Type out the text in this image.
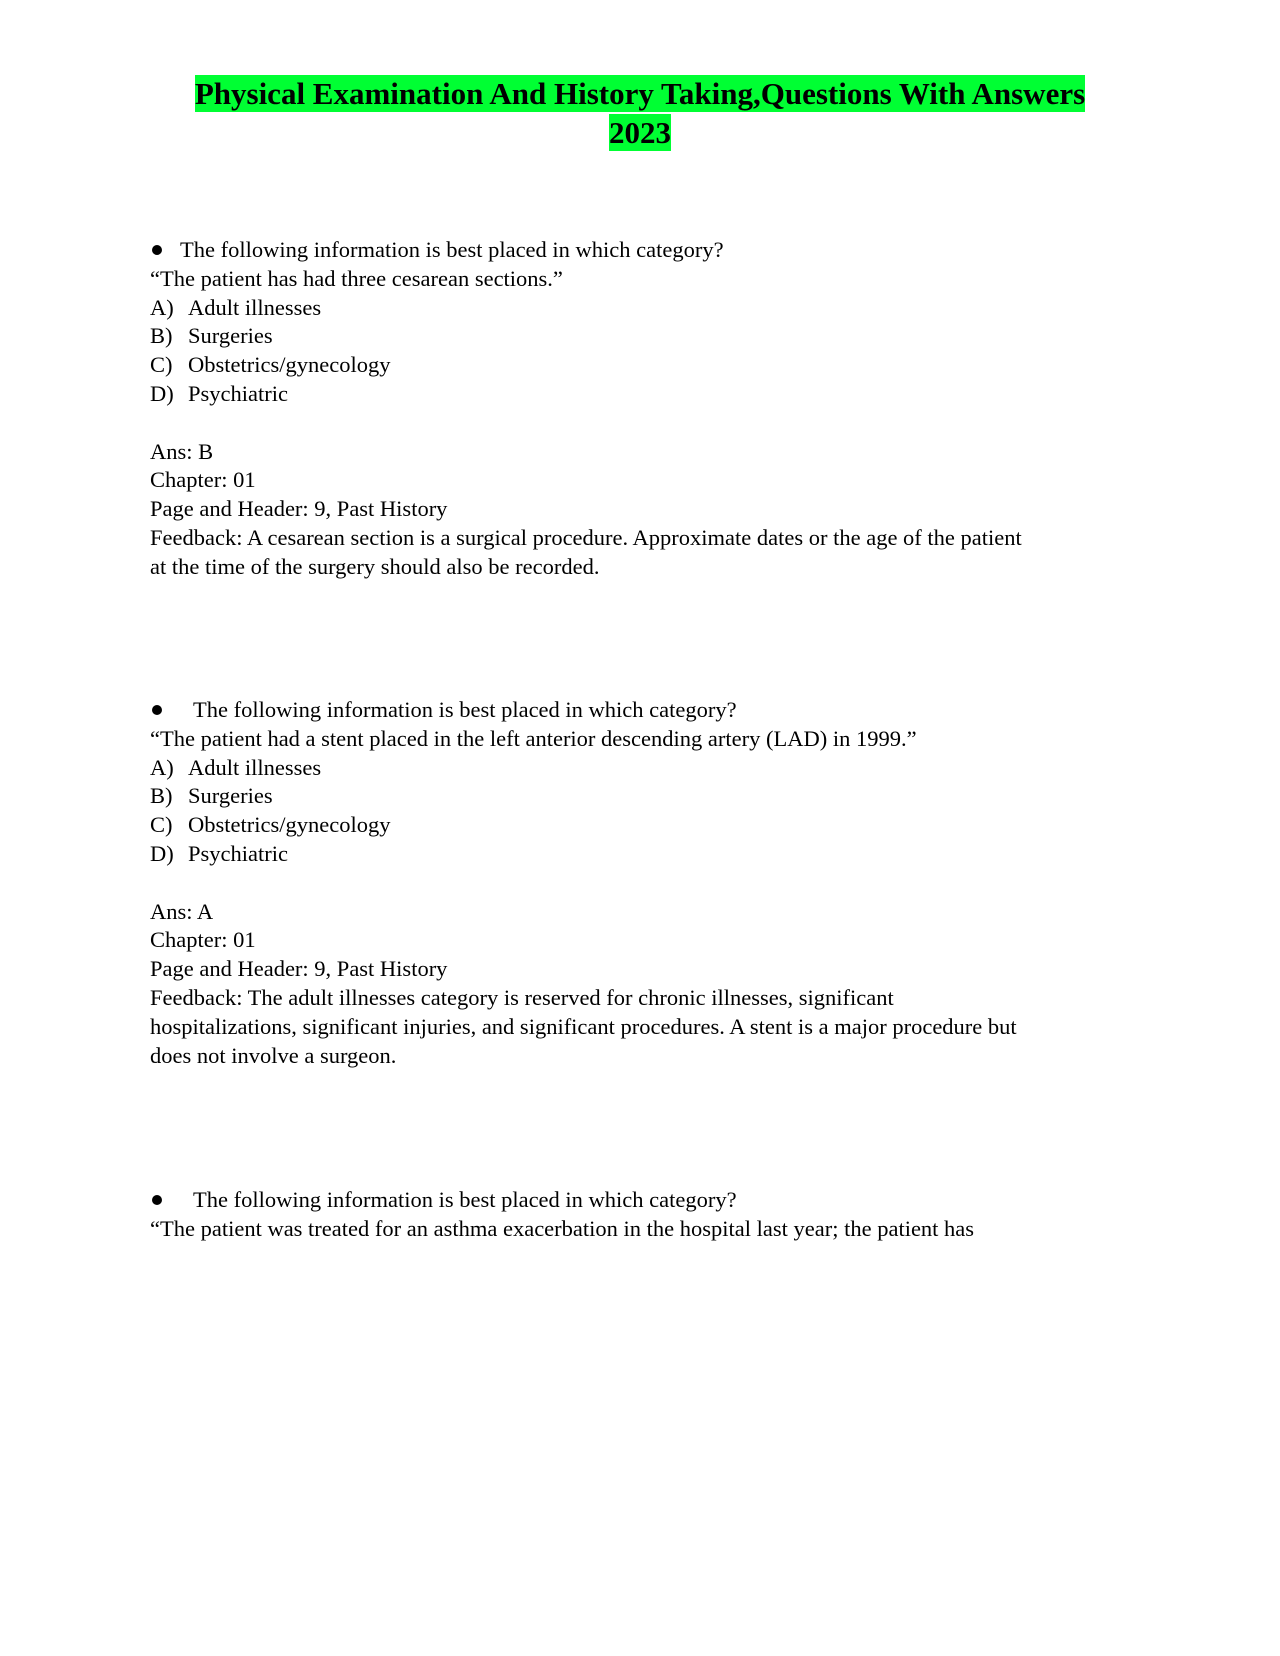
Physical Examination And History Taking,Questions With Answers
2023
The following information is best placed in which category?
“The patient has had three cesarean sections.”
A) Adult illnesses
B) Surgeries
C) Obstetrics/gynecology
D) Psychiatric
Ans: B
Chapter: 01
Page and Header: 9, Past History
Feedback: A cesarean section is a surgical procedure. Approximate dates or the age of the patient
at the time of the surgery should also be recorded.
The following information is best placed in which category?
“The patient had a stent placed in the left anterior descending artery (LAD) in 1999.”
A) Adult illnesses
B) Surgeries
C) Obstetrics/gynecology
D) Psychiatric
Ans: A
Chapter: 01
Page and Header: 9, Past History
Feedback: The adult illnesses category is reserved for chronic illnesses, significant
hospitalizations, significant injuries, and significant procedures. A stent is a major procedure but
does not involve a surgeon.
The following information is best placed in which category?
“The patient was treated for an asthma exacerbation in the hospital last year; the patient has
